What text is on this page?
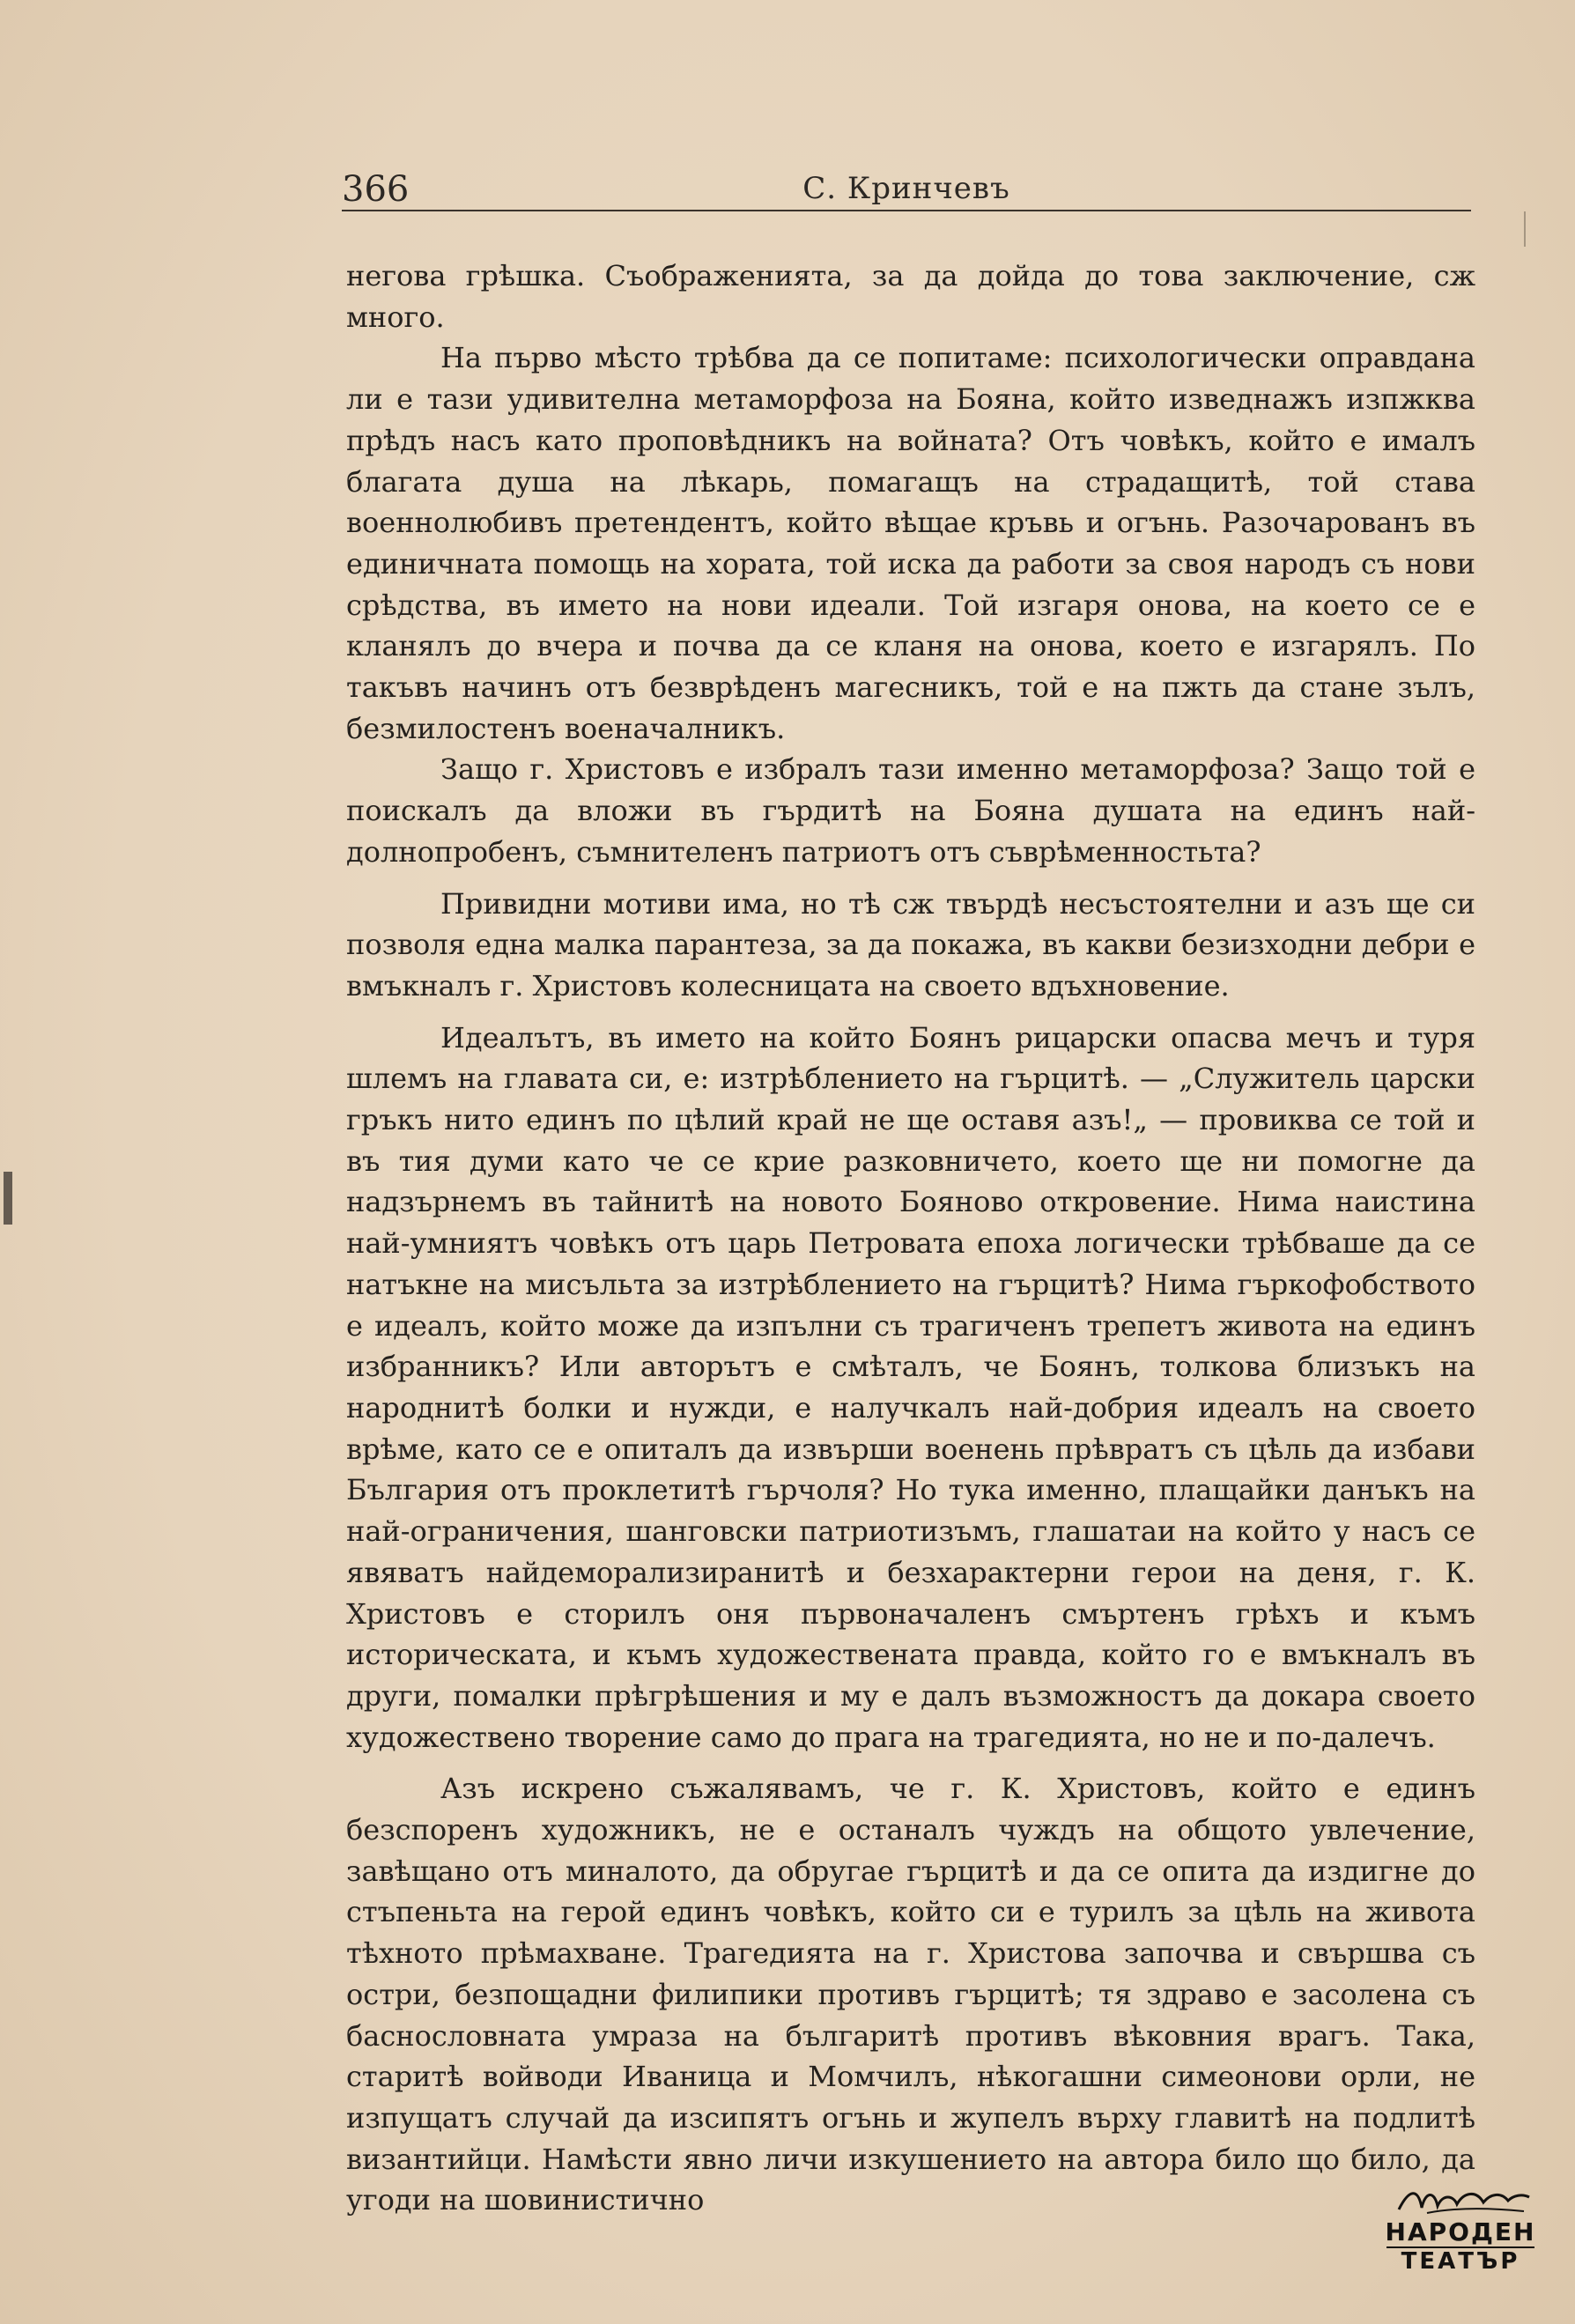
366	С. Кринчевъ

негова грѣшка. Съображенията, за да дойда до това заключение, сж много.

На първо мѣсто трѣбва да се попитаме: психологически оправдана ли е тази удивителна метаморфоза на Бояна, който изведнажъ изпжква прѣдъ насъ като проповѣдникъ на войната? Отъ човѣкъ, който е ималъ благата душа на лѣкарь, помагащъ на страдащитѣ, той става военнолюбивъ претендентъ, който вѣщае кръвь и огънь. Разочарованъ въ единичната помощь на хората, той иска да работи за своя народъ съ нови срѣдства, въ името на нови идеали. Той изгаря онова, на което се е кланялъ до вчера и почва да се кланя на онова, което е изгарялъ. По такъвъ начинъ отъ безврѣденъ магесникъ, той е на пжть да стане зълъ, безмилостенъ военачалникъ.

Защо г. Христовъ е избралъ тази именно метаморфоза? Защо той е поискалъ да вложи въ гърдитѣ на Бояна душата на единъ най-долнопробенъ, съмнителенъ патриотъ отъ съврѣменностьта?

Привидни мотиви има, но тѣ сж твърдѣ несъстоятелни и азъ ще си позволя една малка парантеза, за да покажа, въ какви безизходни дебри е вмъкналъ г. Христовъ колесницата на своето вдъхновение.

Идеалътъ, въ името на който Боянъ рицарски опасва мечъ и туря шлемъ на главата си, е: изтрѣблението на гърцитѣ. — „Служитель царски гръкъ нито единъ по цѣлий край не ще оставя азъ!„ — провиква се той и въ тия думи като че се крие разковничето, което ще ни помогне да надзърнемъ въ тайнитѣ на новото Бояново откровение. Нима наистина най-умниятъ човѣкъ отъ царь Петровата епоха логически трѣбваше да се натъкне на мисъльта за изтрѣблението на гърцитѣ? Нима гъркофобството е идеалъ, който може да изпълни съ трагиченъ трепетъ живота на единъ избранникъ? Или авторътъ е смѣталъ, че Боянъ, толкова близъкъ на народнитѣ болки и нужди, е налучкалъ най-добрия идеалъ на своето врѣме, като се е опиталъ да извърши военень прѣвратъ съ цѣль да избави България отъ проклетитѣ гърчоля? Но тука именно, плащайки данъкъ на най-ограничения, шанговски патриотизъмъ, глашатаи на който у насъ се явяватъ найдеморализиранитѣ и безхарактерни герои на деня, г. К. Христовъ е сторилъ оня първоначаленъ смъртенъ грѣхъ и къмъ историческата, и къмъ художествената правда, който го е вмъкналъ въ други, помалки прѣгрѣшения и му е далъ възможностъ да докара своето художествено творение само до прага на трагедията, но не и по-далечъ.

Азъ искрено съжалявамъ, че г. К. Христовъ, който е единъ безспоренъ художникъ, не е останалъ чуждъ на общото увлечение, завѣщано отъ миналото, да обругае гърцитѣ и да се опита да издигне до стъпеньта на герой единъ човѣкъ, който си е турилъ за цѣль на живота тѣхното прѣмахване. Трагедията на г. Христова започва и свършва съ остри, безпощадни филипики противъ гърцитѣ; тя здраво е засолена съ баснословната умраза на българитѣ противъ вѣковния врагъ. Така, старитѣ войводи Иваница и Момчилъ, нѣкогашни симеонови орли, не изпущатъ случай да изсипятъ огънь и жупелъ върху главитѣ на подлитѣ византийци. Намѣсти явно личи изкушението на автора било що било, да угоди на шовинистично

НАРОДЕН
ТЕАТЪР
